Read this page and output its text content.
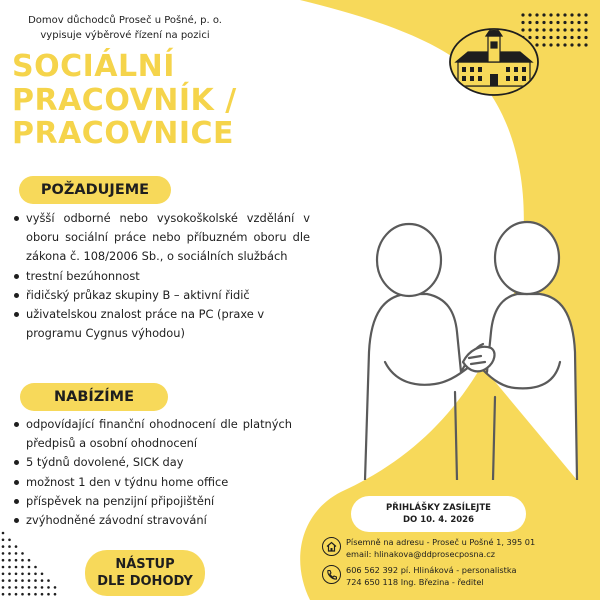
Domov důchodců Proseč u Pošné, p. o.
vypisuje výběrové řízení na pozici
SOCIÁLNÍ
PRACOVNÍK /
PRACOVNICE
POŽADUJEME
vyšší odborné nebo vysokoškolské vzdělání v oboru sociální práce nebo příbuzném oboru dle zákona č. 108/2006 Sb., o sociálních službách
trestní bezúhonnost
řidičský průkaz skupiny B – aktivní řidič
uživatelskou znalost práce na PC (praxe v programu Cygnus výhodou)
NABÍZÍME
odpovídající finanční ohodnocení dle platných předpisů a osobní ohodnocení
5 týdnů dovolené, SICK day
možnost 1 den v týdnu home office
příspěvek na penzijní připojištění
zvýhodněné závodní stravování
PŘIHLÁŠKY ZASÍLEJTE
DO 10. 4. 2026
Písemně na adresu - Proseč u Pošné 1, 395 01
email: hlinakova@ddprosecposna.cz
606 562 392 pí. Hlináková - personalistka
724 650 118 Ing. Březina - ředitel
NÁSTUP
DLE DOHODY
